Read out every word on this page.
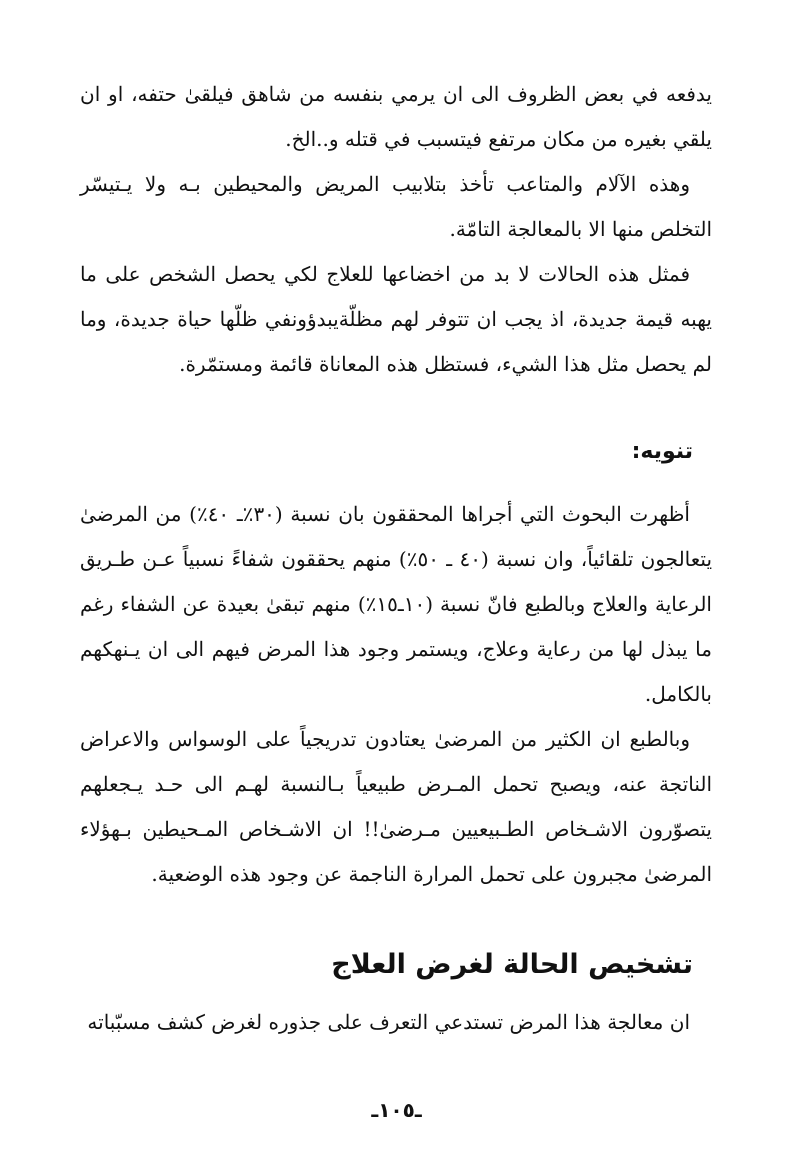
يدفعه في بعض الظروف الى ان يرمي بنفسه من شاهق فيلقىٰ حتفه، او ان يلقي بغيره من مكان مرتفع فيتسبب في قتله و..الخ.

وهذه الآلام والمتاعب تأخذ بتلابيب المريض والمحيطين بـه ولا يـتيسّر التخلص منها الا بالمعالجة التامّة.

فمثل هذه الحالات لا بد من اخضاعها للعلاج لكي يحصل الشخص على ما يهبه قيمة جديدة، اذ يجب ان تتوفر لهم مظلّةيبدؤونفي ظلّها حياة جديدة، وما لم يحصل مثل هذا الشيء، فستظل هذه المعاناة قائمة ومستمّرة.

تنويه:

أظهرت البحوث التي أجراها المحققون بان نسبة (٣٠٪ـ ٤٠٪) من المرضىٰ يتعالجون تلقائياً، وان نسبة (٤٠ ـ ٥٠٪) منهم يحققون شفاءً نسبياً عـن طـريق الرعاية والعلاج وبالطبع فانّ نسبة (١٠ـ١٥٪) منهم تبقىٰ بعيدة عن الشفاء رغم ما يبذل لها من رعاية وعلاج، ويستمر وجود هذا المرض فيهم الى ان يـنهكهم بالكامل.

وبالطبع ان الكثير من المرضىٰ يعتادون تدريجياً على الوسواس والاعراض الناتجة عنه، ويصبح تحمل المـرض طبيعياً بـالنسبة لهـم الى حـد يـجعلهم يتصوّرون الاشـخاص الطـبيعيين مـرضىٰ!! ان الاشـخاص المـحيطين بـهؤلاء المرضىٰ مجبرون على تحمل المرارة الناجمة عن وجود هذه الوضعية.

تشخيص الحالة لغرض العلاج

ان معالجة هذا المرض تستدعي التعرف على جذوره لغرض كشف مسبّباته

ـ١٠٥ـ
